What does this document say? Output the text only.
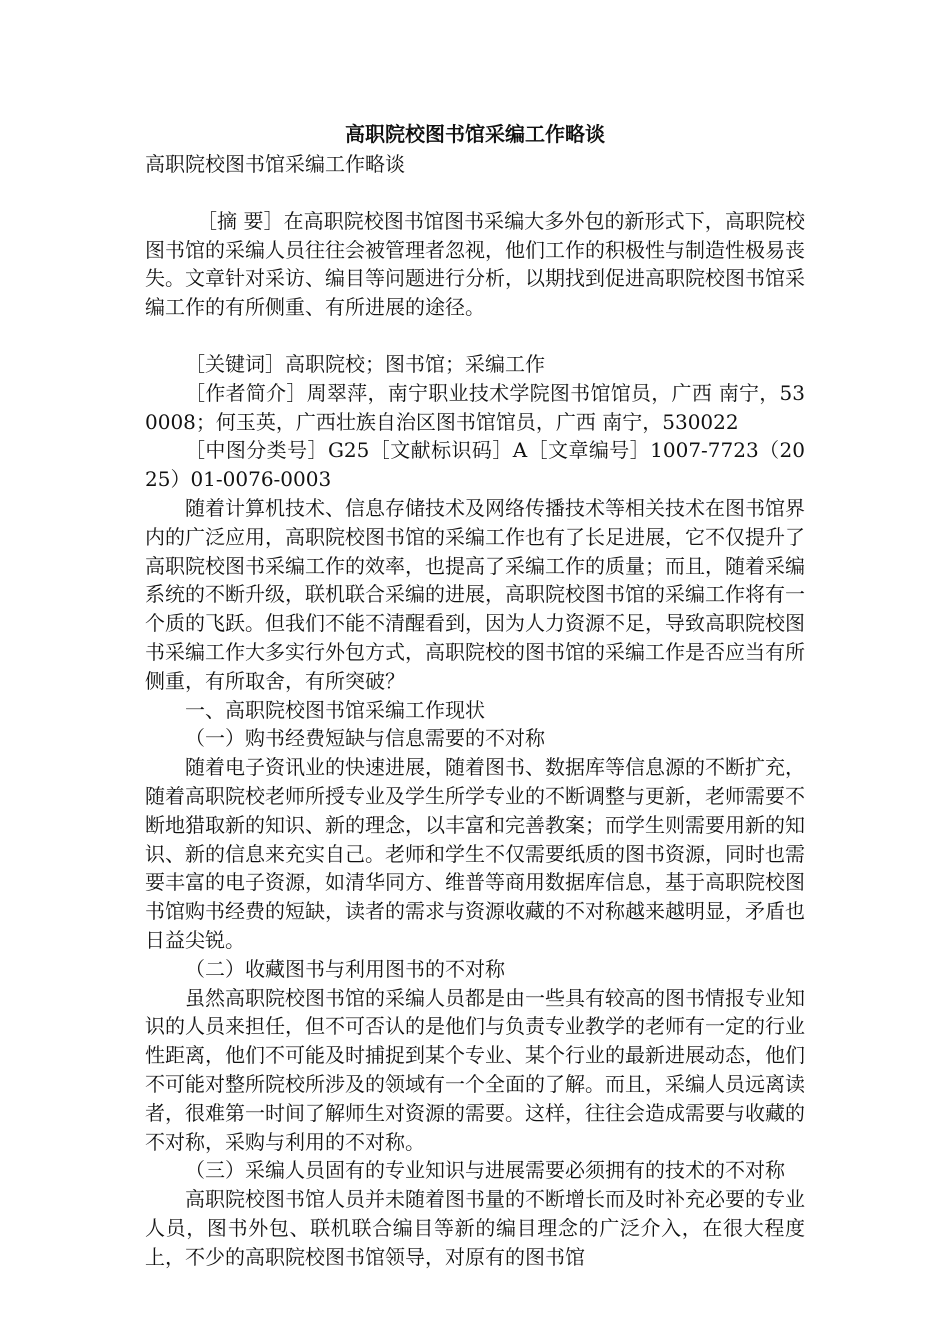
高职院校图书馆采编工作略谈

高职院校图书馆采编工作略谈

［摘 要］在高职院校图书馆图书采编大多外包的新形式下，高职院校图书馆的采编人员往往会被管理者忽视，他们工作的积极性与制造性极易丧失。文章针对采访、编目等问题进行分析，以期找到促进高职院校图书馆采编工作的有所侧重、有所进展的途径。

［关键词］高职院校；图书馆；采编工作

［作者简介］周翠萍，南宁职业技术学院图书馆馆员，广西 南宁，530008；何玉英，广西壮族自治区图书馆馆员，广西 南宁，530022

［中图分类号］G25［文献标识码］A［文章编号］1007-7723（2025）01-0076-0003

随着计算机技术、信息存储技术及网络传播技术等相关技术在图书馆界内的广泛应用，高职院校图书馆的采编工作也有了长足进展，它不仅提升了高职院校图书采编工作的效率，也提高了采编工作的质量；而且，随着采编系统的不断升级，联机联合采编的进展，高职院校图书馆的采编工作将有一个质的飞跃。但我们不能不清醒看到，因为人力资源不足，导致高职院校图书采编工作大多实行外包方式，高职院校的图书馆的采编工作是否应当有所侧重，有所取舍，有所突破？

一、高职院校图书馆采编工作现状

（一）购书经费短缺与信息需要的不对称

随着电子资讯业的快速进展，随着图书、数据库等信息源的不断扩充，随着高职院校老师所授专业及学生所学专业的不断调整与更新，老师需要不断地猎取新的知识、新的理念，以丰富和完善教案；而学生则需要用新的知识、新的信息来充实自己。老师和学生不仅需要纸质的图书资源，同时也需要丰富的电子资源，如清华同方、维普等商用数据库信息，基于高职院校图书馆购书经费的短缺，读者的需求与资源收藏的不对称越来越明显，矛盾也日益尖锐。

（二）收藏图书与利用图书的不对称

虽然高职院校图书馆的采编人员都是由一些具有较高的图书情报专业知识的人员来担任，但不可否认的是他们与负责专业教学的老师有一定的行业性距离，他们不可能及时捕捉到某个专业、某个行业的最新进展动态，他们不可能对整所院校所涉及的领域有一个全面的了解。而且，采编人员远离读者，很难第一时间了解师生对资源的需要。这样，往往会造成需要与收藏的不对称，采购与利用的不对称。

（三）采编人员固有的专业知识与进展需要必须拥有的技术的不对称

高职院校图书馆人员并未随着图书量的不断增长而及时补充必要的专业人员，图书外包、联机联合编目等新的编目理念的广泛介入，在很大程度上，不少的高职院校图书馆领导，对原有的图书馆
